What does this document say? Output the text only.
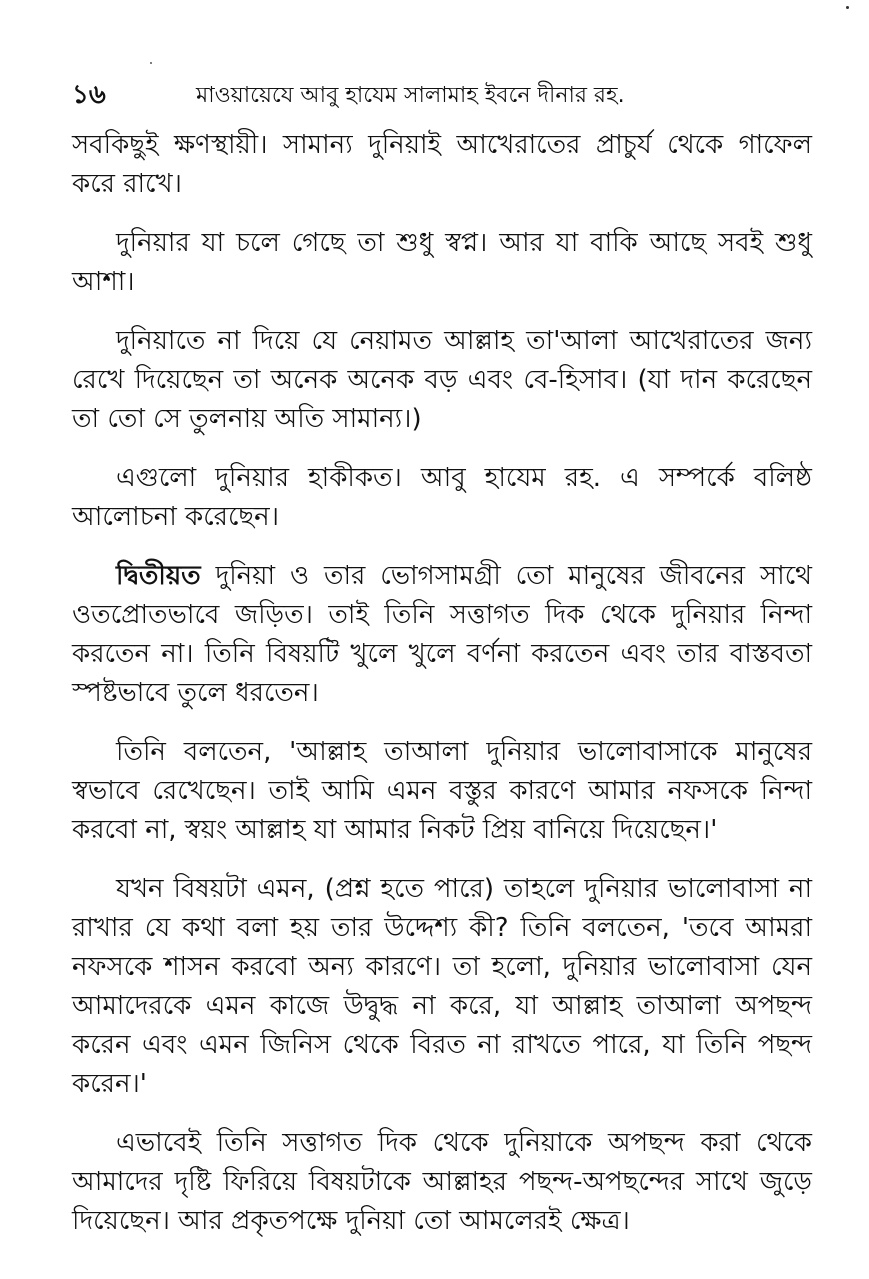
১৬	মাওয়ায়েযে আবু হাযেম সালামাহ ইবনে দীনার রহ.

সবকিছুই ক্ষণস্থায়ী। সামান্য দুনিয়াই আখেরাতের প্রাচুর্য থেকে গাফেল করে রাখে।

দুনিয়ার যা চলে গেছে তা শুধু স্বপ্ন। আর যা বাকি আছে সবই শুধু আশা।

দুনিয়াতে না দিয়ে যে নেয়ামত আল্লাহ তা'আলা আখেরাতের জন্য রেখে দিয়েছেন তা অনেক অনেক বড় এবং বে-হিসাব। (যা দান করেছেন তা তো সে তুলনায় অতি সামান্য।)

এগুলো দুনিয়ার হাকীকত। আবু হাযেম রহ. এ সম্পর্কে বলিষ্ঠ আলোচনা করেছেন।

দ্বিতীয়ত দুনিয়া ও তার ভোগসামগ্রী তো মানুষের জীবনের সাথে ওতপ্রোতভাবে জড়িত। তাই তিনি সত্তাগত দিক থেকে দুনিয়ার নিন্দা করতেন না। তিনি বিষয়টি খুলে খুলে বর্ণনা করতেন এবং তার বাস্তবতা স্পষ্টভাবে তুলে ধরতেন।

তিনি বলতেন, 'আল্লাহ তাআলা দুনিয়ার ভালোবাসাকে মানুষের স্বভাবে রেখেছেন। তাই আমি এমন বস্তুর কারণে আমার নফসকে নিন্দা করবো না, স্বয়ং আল্লাহ যা আমার নিকট প্রিয় বানিয়ে দিয়েছেন।'

যখন বিষয়টা এমন, (প্রশ্ন হতে পারে) তাহলে দুনিয়ার ভালোবাসা না রাখার যে কথা বলা হয় তার উদ্দেশ্য কী? তিনি বলতেন, 'তবে আমরা নফসকে শাসন করবো অন্য কারণে। তা হলো, দুনিয়ার ভালোবাসা যেন আমাদেরকে এমন কাজে উদ্বুদ্ধ না করে, যা আল্লাহ তাআলা অপছন্দ করেন এবং এমন জিনিস থেকে বিরত না রাখতে পারে, যা তিনি পছন্দ করেন।'

এভাবেই তিনি সত্তাগত দিক থেকে দুনিয়াকে অপছন্দ করা থেকে আমাদের দৃষ্টি ফিরিয়ে বিষয়টাকে আল্লাহর পছন্দ-অপছন্দের সাথে জুড়ে দিয়েছেন। আর প্রকৃতপক্ষে দুনিয়া তো আমলেরই ক্ষেত্র।
